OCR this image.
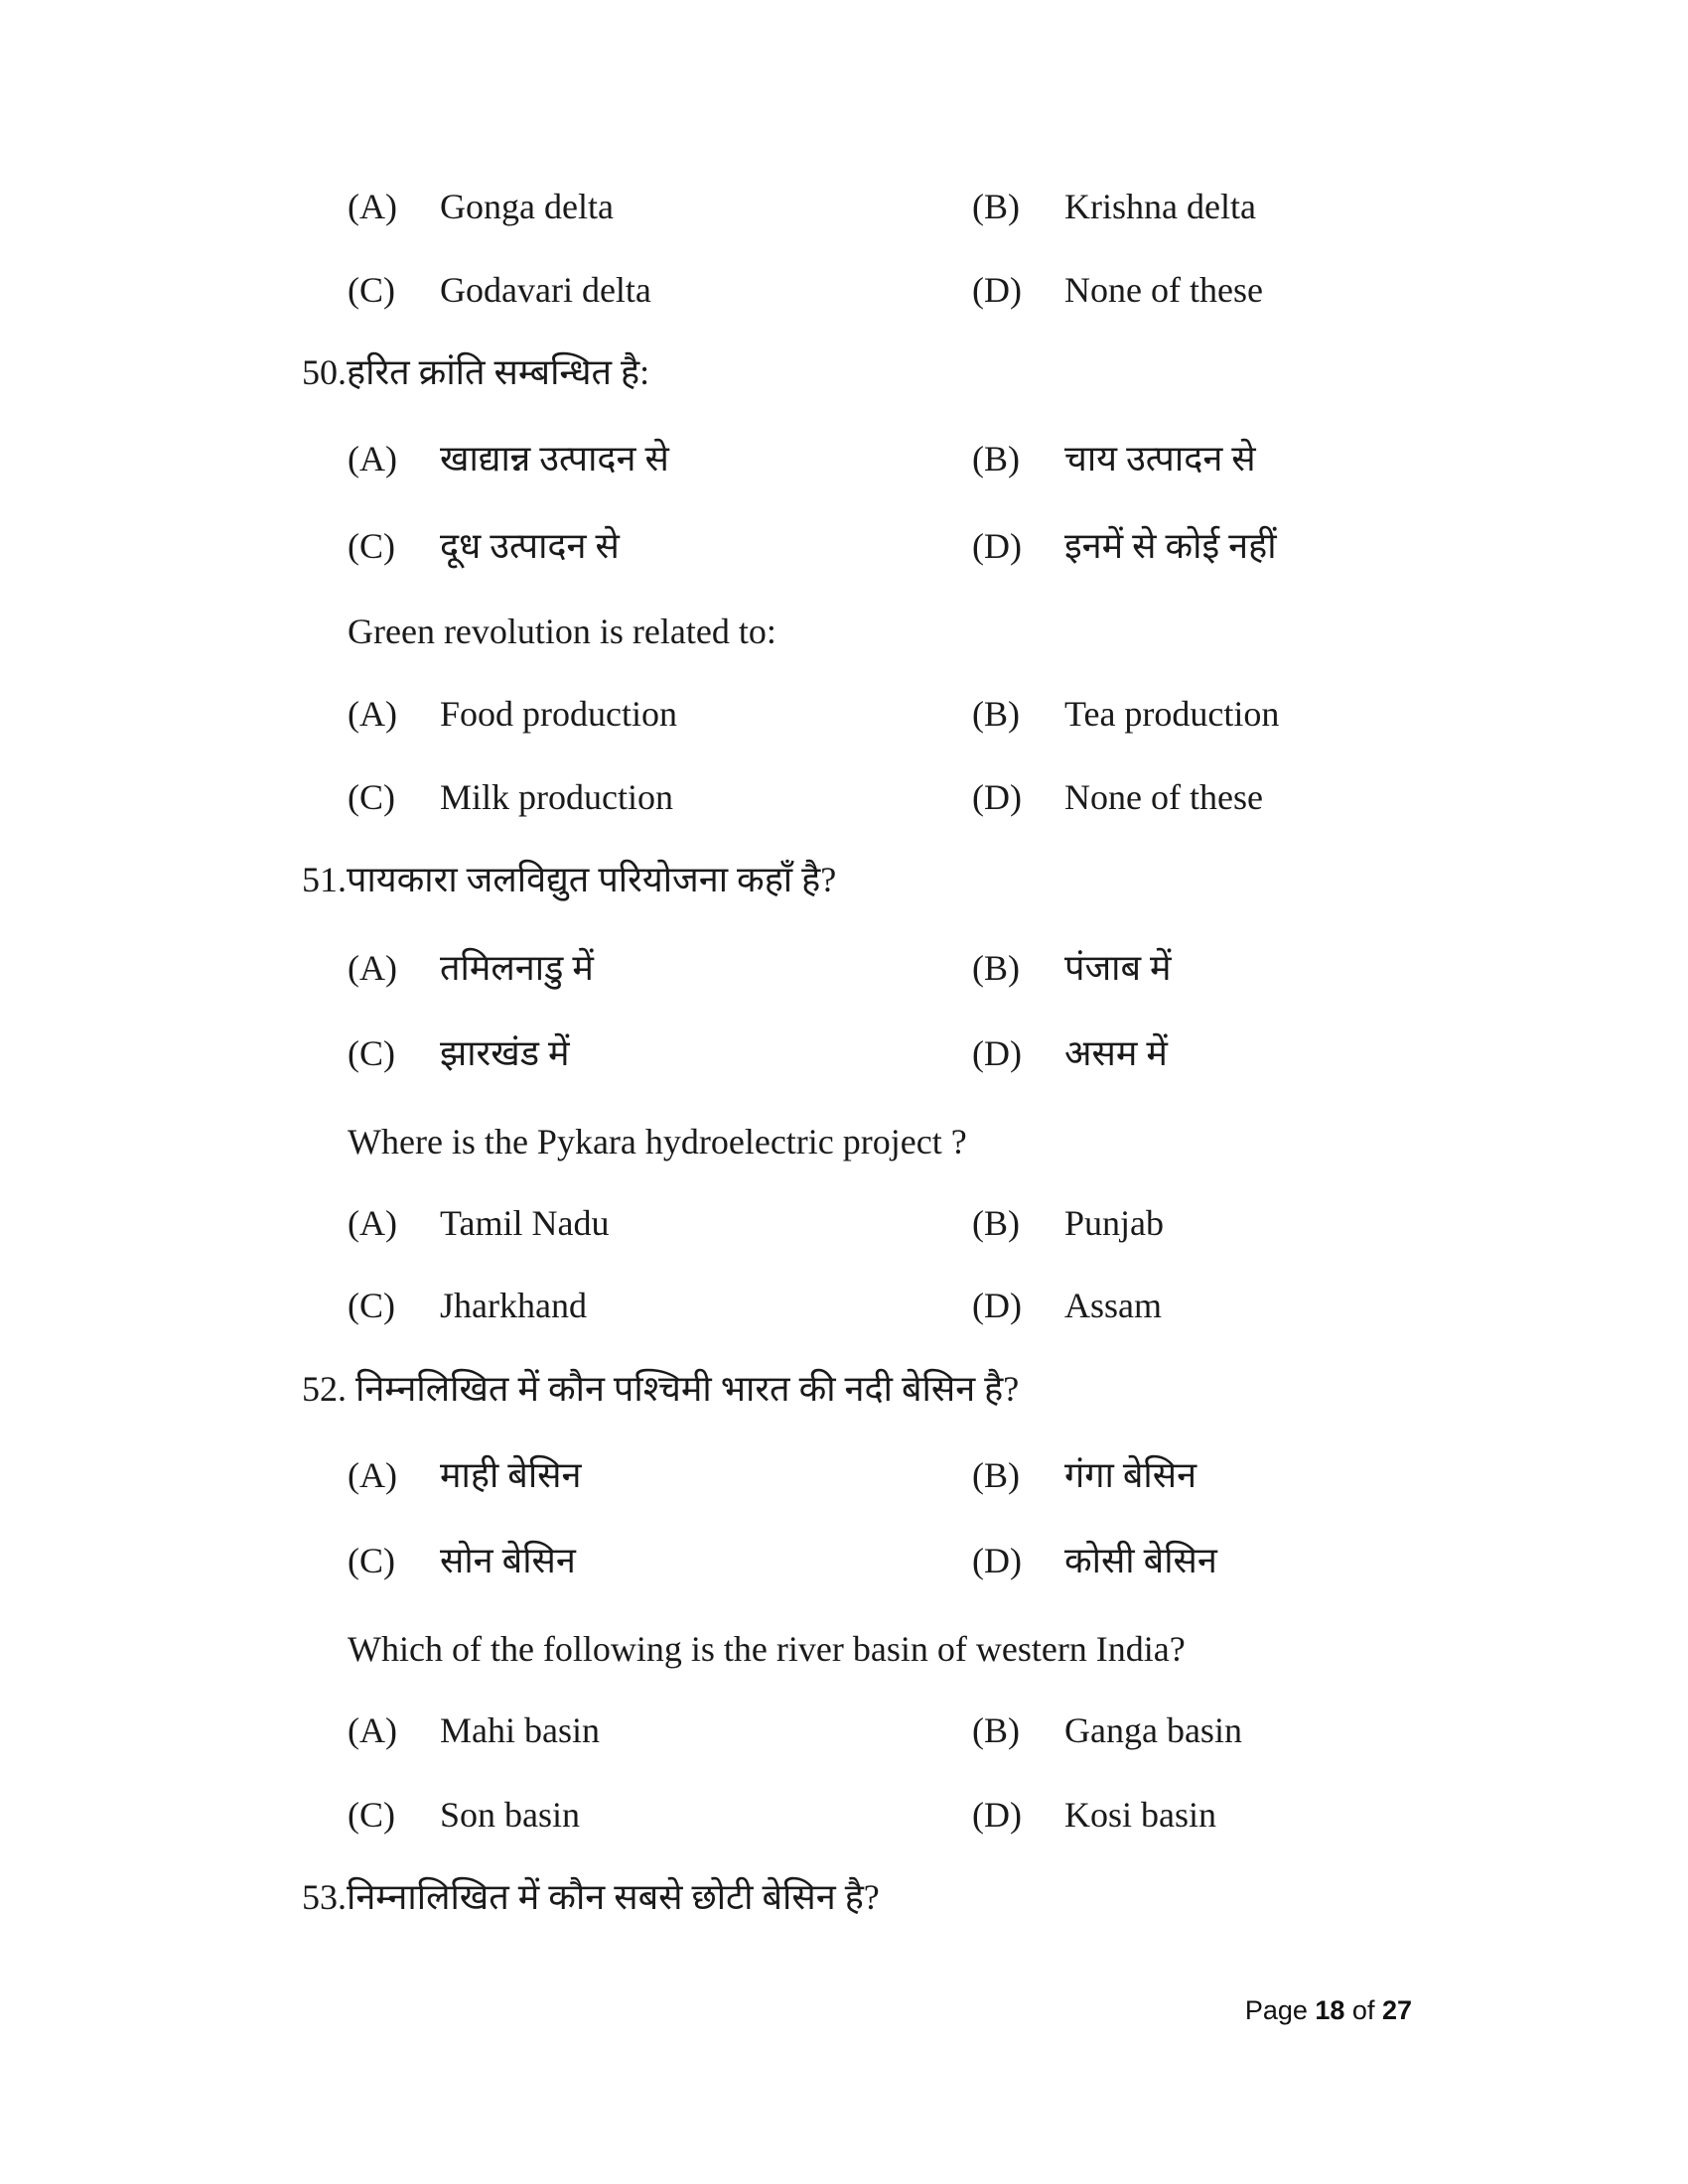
(A) Gonga delta	(B) Krishna delta
(C) Godavari delta	(D) None of these
50.हरित क्रांति सम्बन्धित है:
(A) खाद्यान्न उत्पादन से	(B) चाय उत्पादन से
(C) दूध उत्पादन से	(D) इनमें से कोई नहीं
Green revolution is related to:
(A) Food production	(B) Tea production
(C) Milk production	(D) None of these
51.पायकारा जलविद्युत परियोजना कहाँ है?
(A) तमिलनाडु में	(B) पंजाब में
(C) झारखंड में	(D) असम में
Where is the Pykara hydroelectric project ?
(A) Tamil Nadu	(B) Punjab
(C) Jharkhand	(D) Assam
52. निम्नलिखित में कौन पश्चिमी भारत की नदी बेसिन है?
(A) माही बेसिन	(B) गंगा बेसिन
(C) सोन बेसिन	(D) कोसी बेसिन
Which of the following is the river basin of western India?
(A) Mahi basin	(B) Ganga basin
(C) Son basin	(D) Kosi basin
53.निम्नालिखित में कौन सबसे छोटी बेसिन है?
Page 18 of 27
